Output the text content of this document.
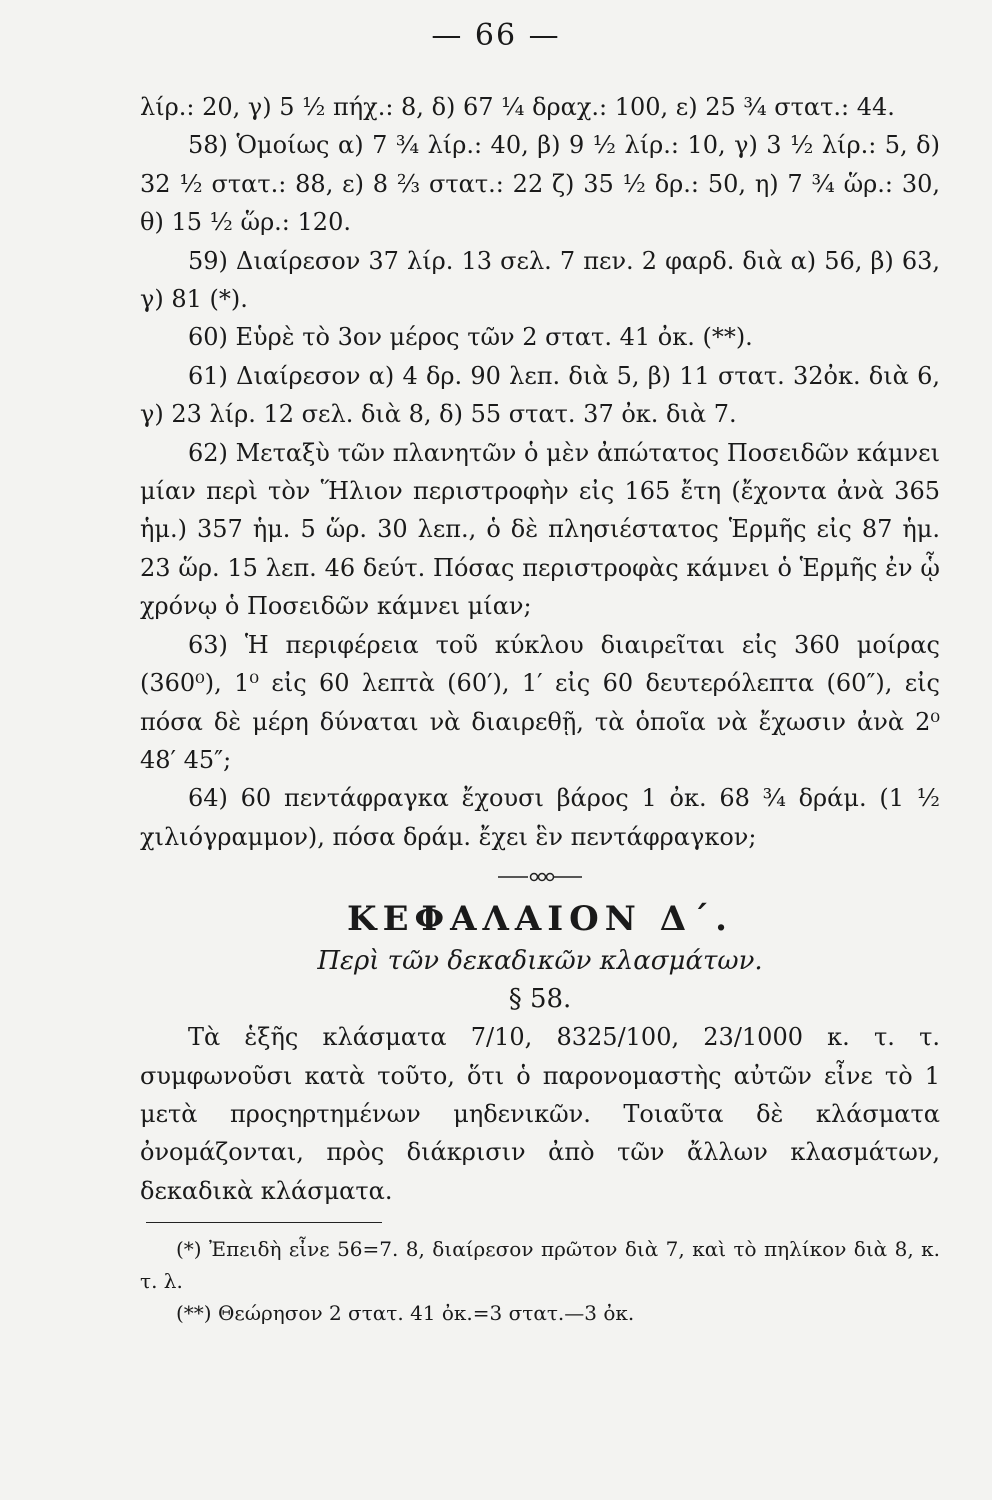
— 66 —

λίρ.: 20, γ) 5 ½ πήχ.: 8, δ) 67 ¼ δραχ.: 100, ε) 25 ¾ στατ.: 44.

58) Ὁμοίως α) 7 ¾ λίρ.: 40, β) 9 ½ λίρ.: 10, γ) 3 ½ λίρ.: 5, δ) 32 ½ στατ.: 88, ε) 8 ⅔ στατ.: 22 ζ) 35 ½ δρ.: 50, η) 7 ¾ ὥρ.: 30, θ) 15 ½ ὥρ.: 120.

59) Διαίρεσον 37 λίρ. 13 σελ. 7 πεν. 2 φαρδ. διὰ α) 56, β) 63, γ) 81 (*).

60) Εὑρὲ τὸ 3ον μέρος τῶν 2 στατ. 41 ὀκ. (**).

61) Διαίρεσον α) 4 δρ. 90 λεπ. διὰ 5, β) 11 στατ. 32ὀκ. διὰ 6, γ) 23 λίρ. 12 σελ. διὰ 8, δ) 55 στατ. 37 ὀκ. διὰ 7.

62) Μεταξὺ τῶν πλανητῶν ὁ μὲν ἀπώτατος Ποσειδῶν κάμνει μίαν περὶ τὸν Ἥλιον περιστροφὴν εἰς 165 ἔτη (ἔχοντα ἀνὰ 365 ἡμ.) 357 ἡμ. 5 ὥρ. 30 λεπ., ὁ δὲ πλησιέστατος Ἑρμῆς εἰς 87 ἡμ. 23 ὥρ. 15 λεπ. 46 δεύτ. Πόσας περιστροφὰς κάμνει ὁ Ἑρμῆς ἐν ᾧ χρόνῳ ὁ Ποσειδῶν κάμνει μίαν;

63) Ἡ περιφέρεια τοῦ κύκλου διαιρεῖται εἰς 360 μοίρας (360⁰), 1⁰ εἰς 60 λεπτὰ (60′), 1′ εἰς 60 δευτερόλεπτα (60″), εἰς πόσα δὲ μέρη δύναται νὰ διαιρεθῇ, τὰ ὁποῖα νὰ ἔχωσιν ἀνὰ 2⁰ 48′ 45″;

64) 60 πεντάφραγκα ἔχουσι βάρος 1 ὀκ. 68 ¾ δράμ. (1 ½ χιλιόγραμμον), πόσα δράμ. ἔχει ἓν πεντάφραγκον;

ΚΕΦΑΛΑΙΟΝ Δ΄.
Περὶ τῶν δεκαδικῶν κλασμάτων.
§ 58.

Τὰ ἑξῆς κλάσματα 7/10, 8325/100, 23/1000 κ. τ. τ. συμφωνοῦσι κατὰ τοῦτο, ὅτι ὁ παρονομαστὴς αὐτῶν εἶνε τὸ 1 μετὰ προςηρτημένων μηδενικῶν. Τοιαῦτα δὲ κλάσματα ὀνομάζονται, πρὸς διάκρισιν ἀπὸ τῶν ἄλλων κλασμάτων, δεκαδικὰ κλάσματα.

(*) Ἐπειδὴ εἶνε 56=7. 8, διαίρεσον πρῶτον διὰ 7, καὶ τὸ πηλίκον διὰ 8, κ. τ. λ.

(**) Θεώρησον 2 στατ. 41 ὀκ.=3 στατ.—3 ὀκ.
